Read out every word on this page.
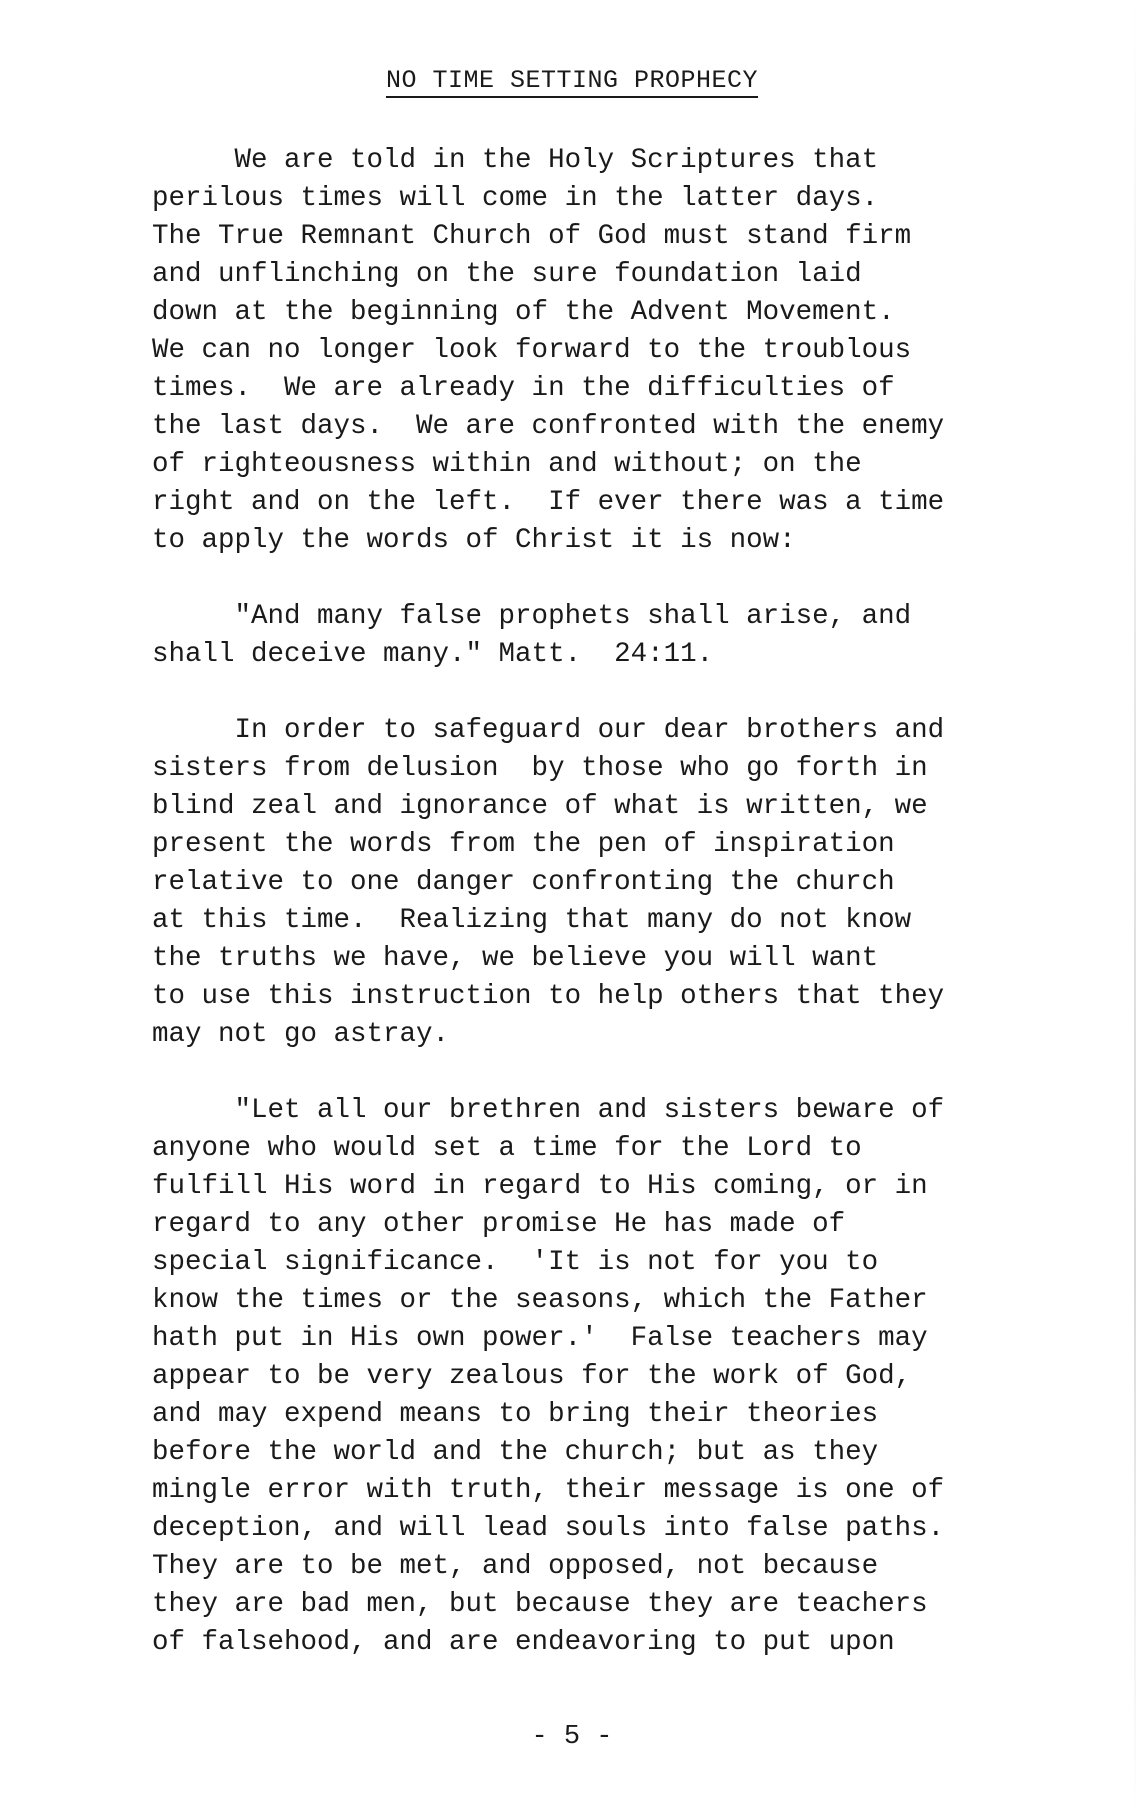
NO TIME SETTING PROPHECY

We are told in the Holy Scriptures that
perilous times will come in the latter days.
The True Remnant Church of God must stand firm
and unflinching on the sure foundation laid
down at the beginning of the Advent Movement.
We can no longer look forward to the troublous
times.  We are already in the difficulties of
the last days.  We are confronted with the enemy
of righteousness within and without; on the
right and on the left.  If ever there was a time
to apply the words of Christ it is now:

"And many false prophets shall arise, and
shall deceive many." Matt.  24:11.

In order to safeguard our dear brothers and
sisters from delusion  by those who go forth in
blind zeal and ignorance of what is written, we
present the words from the pen of inspiration
relative to one danger confronting the church
at this time.  Realizing that many do not know
the truths we have, we believe you will want
to use this instruction to help others that they
may not go astray.

"Let all our brethren and sisters beware of
anyone who would set a time for the Lord to
fulfill His word in regard to His coming, or in
regard to any other promise He has made of
special significance.  'It is not for you to
know the times or the seasons, which the Father
hath put in His own power.'  False teachers may
appear to be very zealous for the work of God,
and may expend means to bring their theories
before the world and the church; but as they
mingle error with truth, their message is one of
deception, and will lead souls into false paths.
They are to be met, and opposed, not because
they are bad men, but because they are teachers
of falsehood, and are endeavoring to put upon

- 5 -
